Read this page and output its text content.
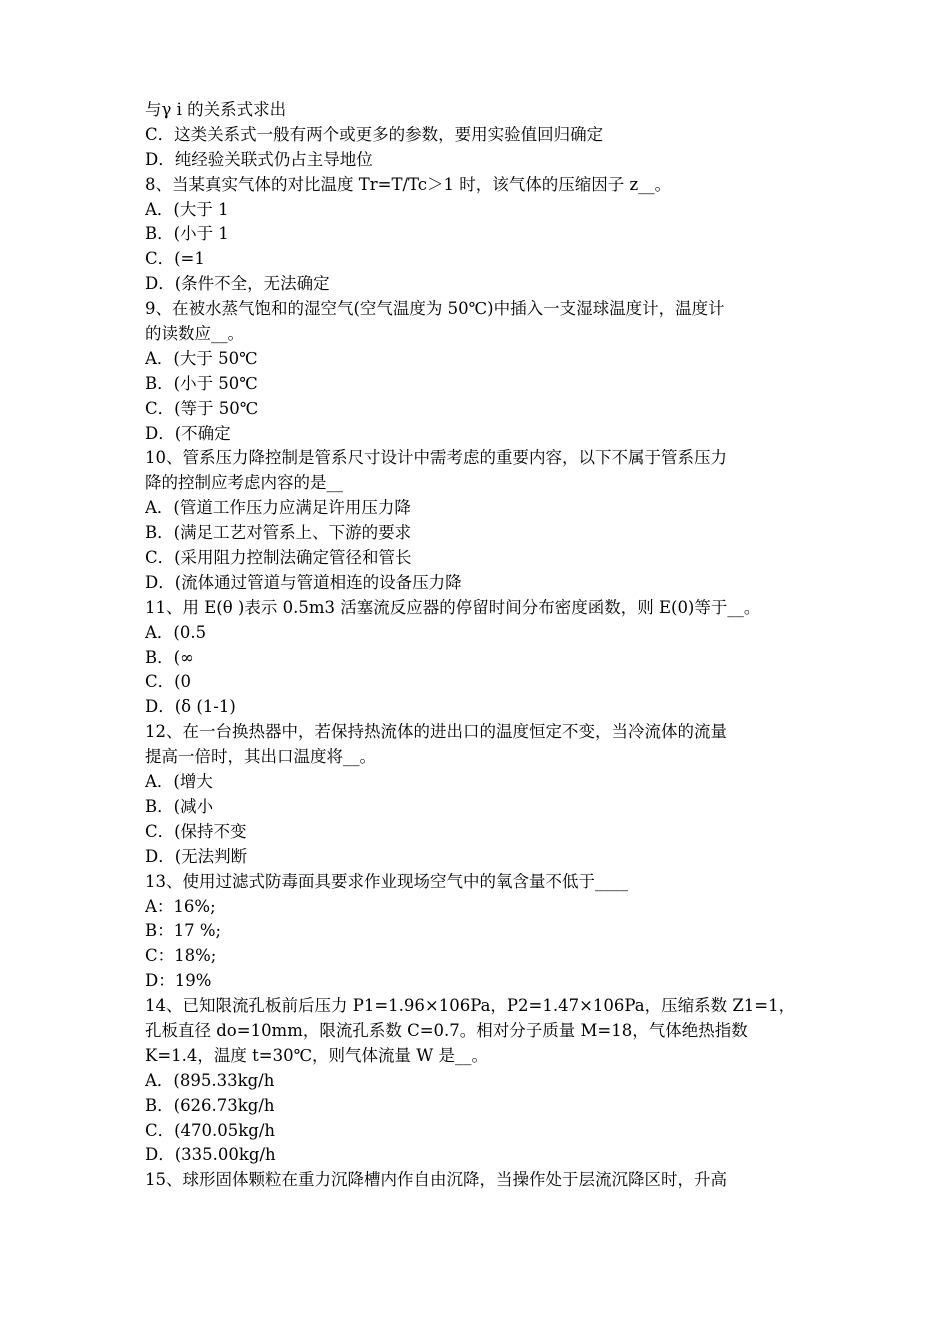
与γ i 的关系式求出
C．这类关系式一般有两个或更多的参数，要用实验值回归确定
D．纯经验关联式仍占主导地位
8、当某真实气体的对比温度 Tr=T/Tc＞1 时，该气体的压缩因子 z__。
A．(大于 1
B．(小于 1
C．(=1
D．(条件不全，无法确定
9、在被水蒸气饱和的湿空气(空气温度为 50℃)中插入一支湿球温度计，温度计
的读数应__。
A．(大于 50℃
B．(小于 50℃
C．(等于 50℃
D．(不确定
10、管系压力降控制是管系尺寸设计中需考虑的重要内容，以下不属于管系压力
降的控制应考虑内容的是__
A．(管道工作压力应满足许用压力降
B．(满足工艺对管系上、下游的要求
C．(采用阻力控制法确定管径和管长
D．(流体通过管道与管道相连的设备压力降
11、用 E(θ )表示 0.5m3 活塞流反应器的停留时间分布密度函数，则 E(0)等于__。
A．(0.5
B．(∞
C．(0
D．(δ (1-1)
12、在一台换热器中，若保持热流体的进出口的温度恒定不变，当冷流体的流量
提高一倍时，其出口温度将__。
A．(增大
B．(减小
C．(保持不变
D．(无法判断
13、使用过滤式防毒面具要求作业现场空气中的氧含量不低于____
A：16%;
B：17 %;
C：18%;
D：19%
14、已知限流孔板前后压力 P1=1.96×106Pa，P2=1.47×106Pa，压缩系数 Z1=1，
孔板直径 do=10mm，限流孔系数 C=0.7。相对分子质量 M=18，气体绝热指数
K=1.4，温度 t=30℃，则气体流量 W 是__。
A．(895.33kg/h
B．(626.73kg/h
C．(470.05kg/h
D．(335.00kg/h
15、球形固体颗粒在重力沉降槽内作自由沉降，当操作处于层流沉降区时，升高
